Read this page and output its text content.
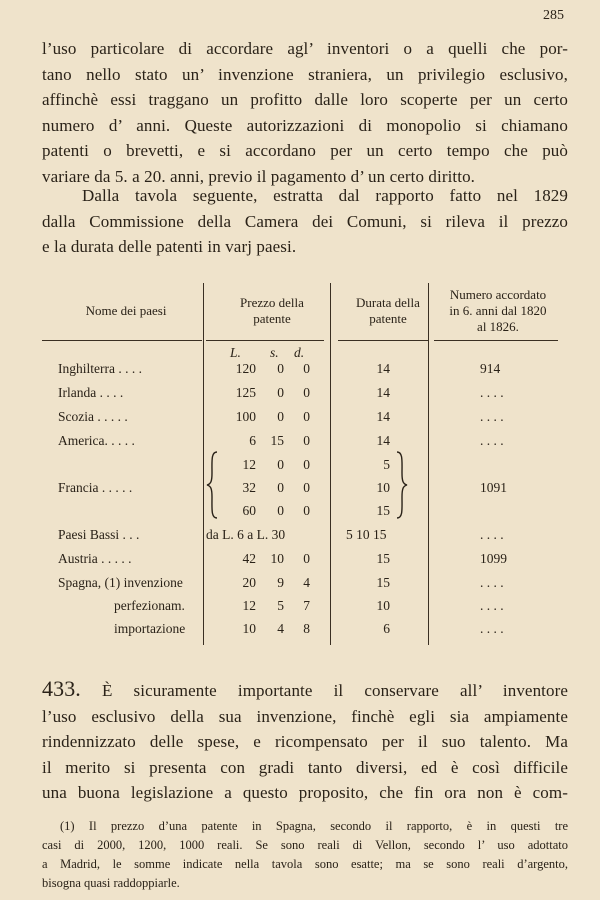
285
l’uso particolare di accordare agl’ inventori o a quelli che por-
tano nello stato un’ invenzione straniera, un privilegio esclusivo,
affinchè essi traggano un profitto dalle loro scoperte per un certo
numero d’ anni. Queste autorizzazioni di monopolio si chiamano
patenti o brevetti, e si accordano per un certo tempo che può
variare da 5. a 20. anni, previo il pagamento d’ un certo diritto.
Dalla tavola seguente, estratta dal rapporto fatto nel 1829
dalla Commissione della Camera dei Comuni, si rileva il prezzo
e la durata delle patenti in varj paesi.
Nome dei paesi
Prezzo della
patente
Durata della
patente
Numero accordato
in 6. anni dal 1820
al 1826.
L. s. d.
Inghilterra . . . .	120	0	0	14	914
Irlanda . . . .	125	0	0	14	. . . .
Scozia . . . . .	100	0	0	14	. . . .
America. . . . .	6	15	0	14	. . . .
12	0	0	5
Francia . . . . .	32	0	0	10	1091
60	0	0	15
Paesi Bassi . . .	da L. 6 a L. 30	5 10 15	. . . .
Austria . . . . .	42	10	0	15	1099
Spagna, (1) invenzione	20	9	4	15	. . . .
perfezionam.	12	5	7	10	. . . .
importazione	10	4	8	6	. . . .
433. È sicuramente importante il conservare all’ inventore
l’uso esclusivo della sua invenzione, finchè egli sia ampiamente
rindennizzato delle spese, e ricompensato per il suo talento. Ma
il merito si presenta con gradi tanto diversi, ed è così difficile
una buona legislazione a questo proposito, che fin ora non è com-
(1) Il prezzo d’una patente in Spagna, secondo il rapporto, è in questi tre
casi di 2000, 1200, 1000 reali. Se sono reali di Vellon, secondo l’ uso adottato
a Madrid, le somme indicate nella tavola sono esatte; ma se sono reali d’argento,
bisogna quasi raddoppiarle.
